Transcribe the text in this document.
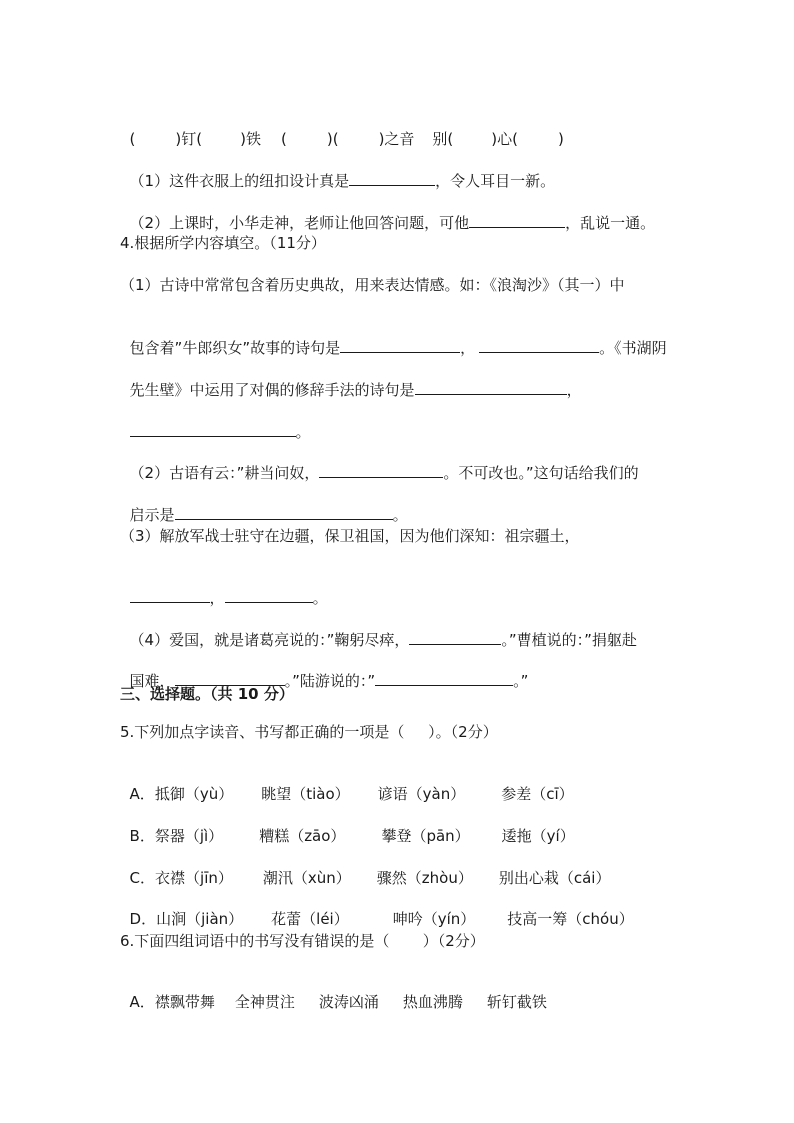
(	)钉(	)铁 (	)(	)之音 别(	)心(	)

（1）这件衣服上的纽扣设计真是	，令人耳目一新。

（2）上课时，小华走神，老师让他回答问题，可他	，乱说一通。

4.根据所学内容填空。（11分）
（1）古诗中常常包含着历史典故，用来表达情感。如：《浪淘沙》（其一）中

包含着”牛郎织女”故事的诗句是	，	。《书湖阴

先生壁》中运用了对偶的修辞手法的诗句是	，

。

（2）古语有云：”耕当问奴，	。不可改也。”这句话给我们的

启示是	。

（3）解放军战士驻守在边疆，保卫祖国，因为他们深知：祖宗疆土，

，	。

（4）爱国，就是诸葛亮说的：”鞠躬尽瘁，	。”曹植说的：”捐躯赴

国难，	。”陆游说的：”	。”

三、选择题。（共 10 分）
5.下列加点字读音、书写都正确的一项是（     ）。（2分）

A．抵御（yù） 眺望（tiào） 谚语（yàn） 参差（cī）

B．祭器（jì） 糟糕（zāo） 攀登（pān） 逶拖（yí）

C．衣襟（jīn） 潮汛（xùn） 骤然（zhòu） 别出心栽（cái）

D．山涧（jiàn） 花蕾（léi）	呻吟（yín） 技高一筹（chóu）

6.下面四组词语中的书写没有错误的是（       ）（2分）

A．襟飘带舞 全神贯注 波涛凶涌 热血沸腾 斩钉截铁
